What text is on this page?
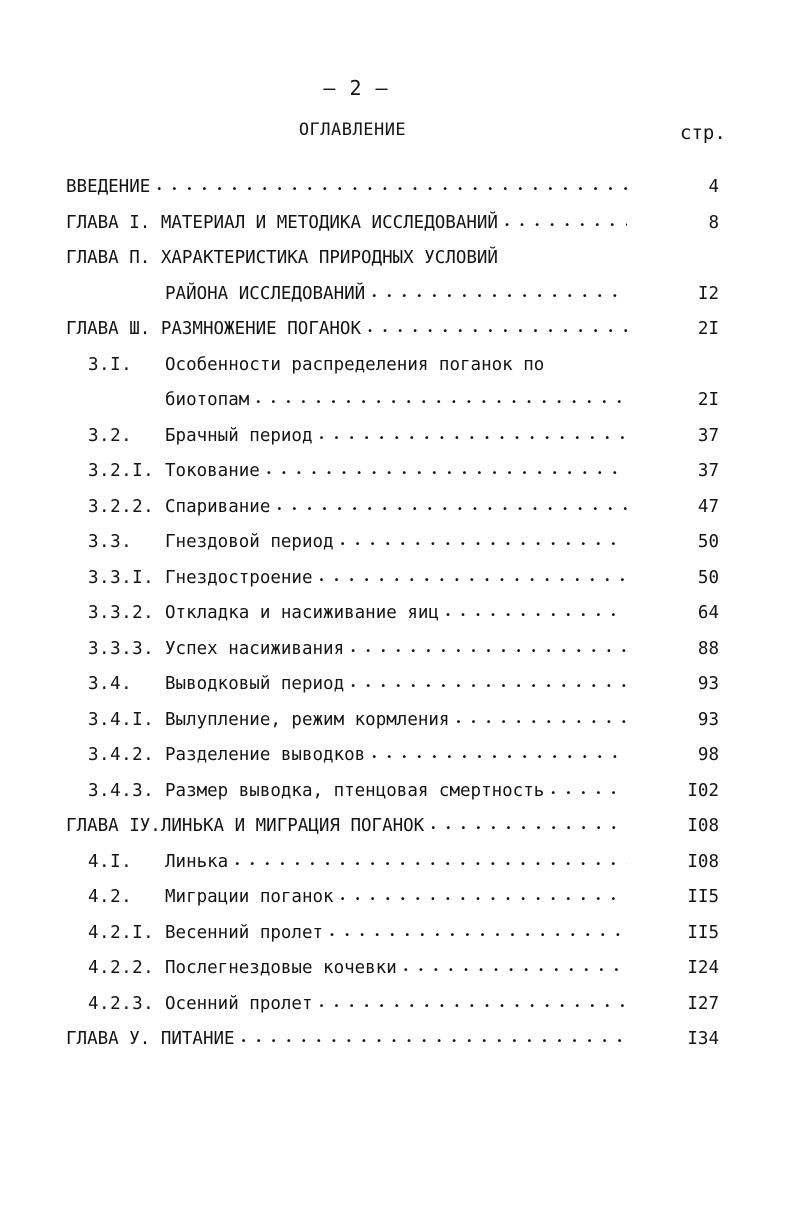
– 2 –
ОГЛАВЛЕНИЕ	стр.
ВВЕДЕНИЕ • • •	4
ГЛАВА I. МАТЕРИАЛ И МЕТОДИКА ИССЛЕДОВАНИЙ • • •	8
ГЛАВА П. ХАРАКТЕРИСТИКА ПРИРОДНЫХ УСЛОВИЙ
РАЙОНА ИССЛЕДОВАНИЙ • • •	I2
ГЛАВА Ш. РАЗМНОЖЕНИЕ ПОГАНОК • • •	2I
3.I. Особенности распределения поганок по
биотопам • • •	2I
3.2. Брачный период • • •	37
3.2.I. Токование • • •	37
3.2.2. Спаривание • • •	47
3.3. Гнездовой период • • •	50
3.3.I. Гнездостроение • • •	50
3.3.2. Откладка и насиживание яиц • • •	64
3.3.3. Успех насиживания • • •	88
3.4. Выводковый период • • •	93
3.4.I. Вылупление, режим кормления • • •	93
3.4.2. Разделение выводков • • •	98
3.4.3. Размер выводка, птенцовая смертность • • •	I02
ГЛАВА IУ.ЛИНЬКА И МИГРАЦИЯ ПОГАНОК • • •	I08
4.I. Линька • • •	I08
4.2. Миграции поганок • • •	II5
4.2.I. Весенний пролет • • •	II5
4.2.2. Послегнездовые кочевки • • •	I24
4.2.3. Осенний пролет • • •	I27
ГЛАВА У. ПИТАНИЕ • • •	I34
